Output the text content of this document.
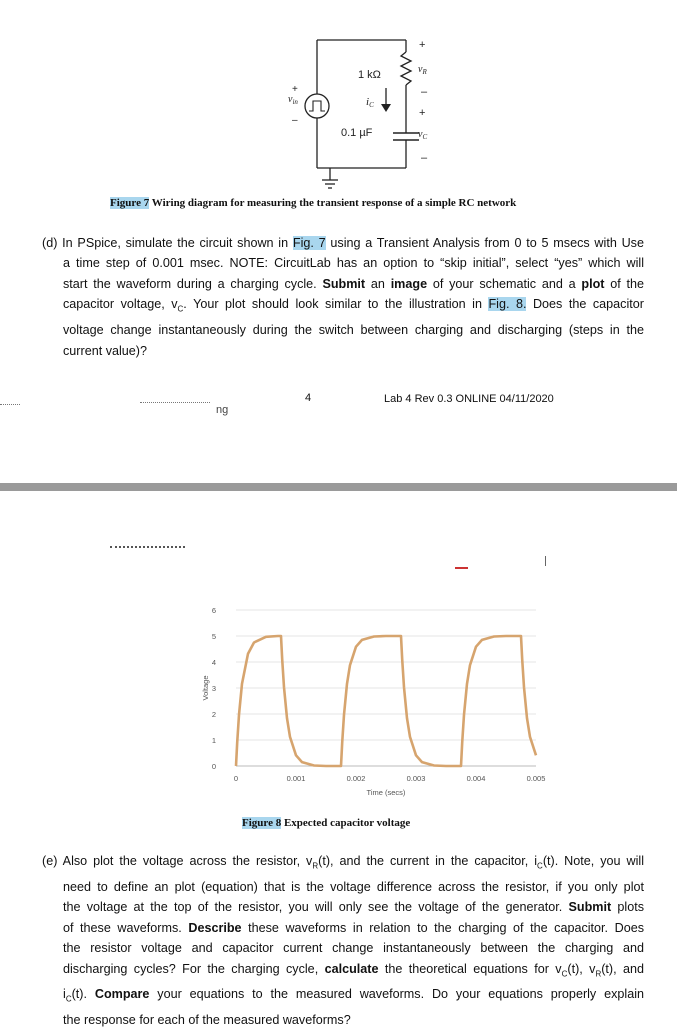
1 kΩ
0.1 µF
$v_{in}$
+
–
iC
+
$v_R$
–
+
$v_C$
–
Figure 7 Wiring diagram for measuring the transient response of a simple RC network
(d) In PSpice, simulate the circuit shown in Fig. 7 using a Transient Analysis from 0 to 5 msecs with Use
a time step of 0.001 msec. NOTE: CircuitLab has an option to “skip initial”, select “yes” which will
start the waveform during a charging cycle. Submit an image of your schematic and a plot of the
capacitor voltage, $v_C$. Your plot should look similar to the illustration in Fig. 8. Does the capacitor
voltage change instantaneously during the switch between charging and discharging (steps in the
current value)?
4	Lab 4 Rev 0.3 ONLINE 04/11/2020
ng
0
1
2
3
4
5
6
0	0.001	0.002	0.003	0.004	0.005
Time (secs)
Voltage
Figure 8 Expected capacitor voltage
(e) Also plot the voltage across the resistor, $v_R(t)$, and the current in the capacitor, $i_C(t)$. Note, you will
need to define an plot (equation) that is the voltage difference across the resistor, if you only plot
the voltage at the top of the resistor, you will only see the voltage of the generator. Submit plots
of these waveforms. Describe these waveforms in relation to the charging of the capacitor. Does
the resistor voltage and capacitor current change instantaneously between the charging and
discharging cycles? For the charging cycle, calculate the theoretical equations for $v_C(t)$, $v_R(t)$, and
$i_C(t)$. Compare your equations to the measured waveforms. Do your equations properly explain
the response for each of the measured waveforms?
